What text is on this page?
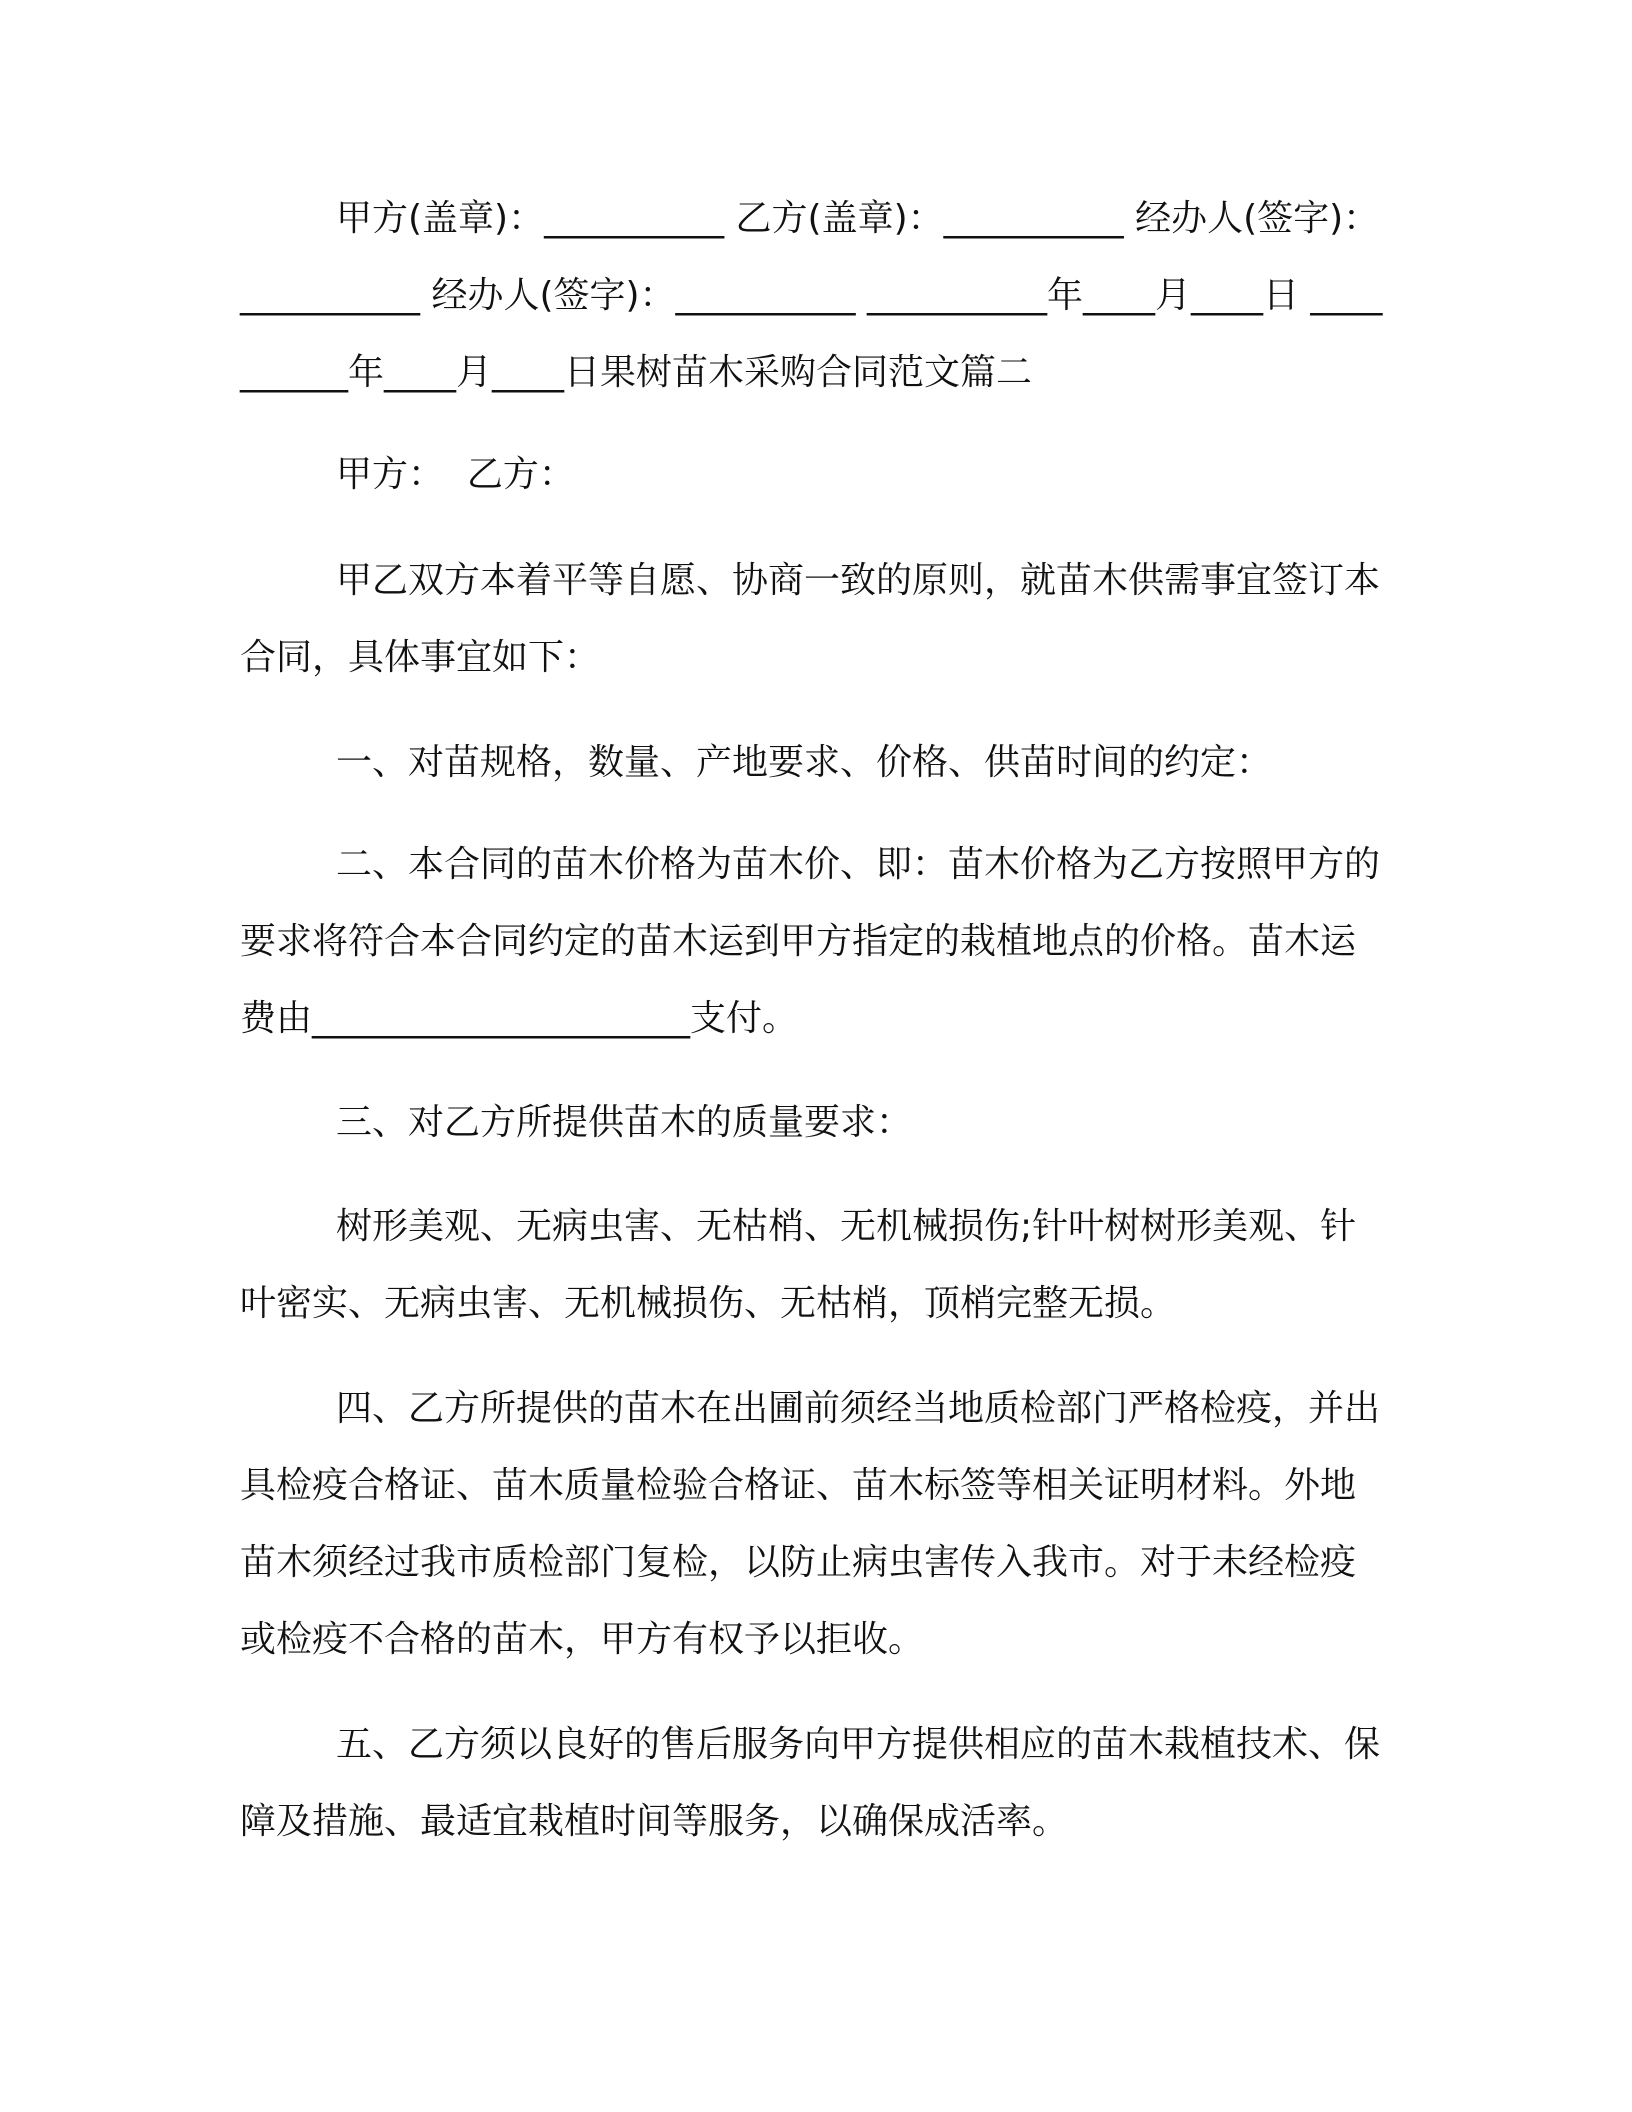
甲方(盖章)：__________ 乙方(盖章)：__________ 经办人(签字)：__________ 经办人(签字)：__________ __________年____月____日 __________年____月____日果树苗木采购合同范文篇二

甲方：  乙方：

甲乙双方本着平等自愿、协商一致的原则，就苗木供需事宜签订本合同，具体事宜如下：

一、对苗规格，数量、产地要求、价格、供苗时间的约定：

二、本合同的苗木价格为苗木价、即：苗木价格为乙方按照甲方的要求将符合本合同约定的苗木运到甲方指定的栽植地点的价格。苗木运费由_____________________支付。

三、对乙方所提供苗木的质量要求：

树形美观、无病虫害、无枯梢、无机械损伤;针叶树树形美观、针叶密实、无病虫害、无机械损伤、无枯梢，顶梢完整无损。

四、乙方所提供的苗木在出圃前须经当地质检部门严格检疫，并出具检疫合格证、苗木质量检验合格证、苗木标签等相关证明材料。外地苗木须经过我市质检部门复检，以防止病虫害传入我市。对于未经检疫或检疫不合格的苗木，甲方有权予以拒收。

五、乙方须以良好的售后服务向甲方提供相应的苗木栽植技术、保障及措施、最适宜栽植时间等服务，以确保成活率。
